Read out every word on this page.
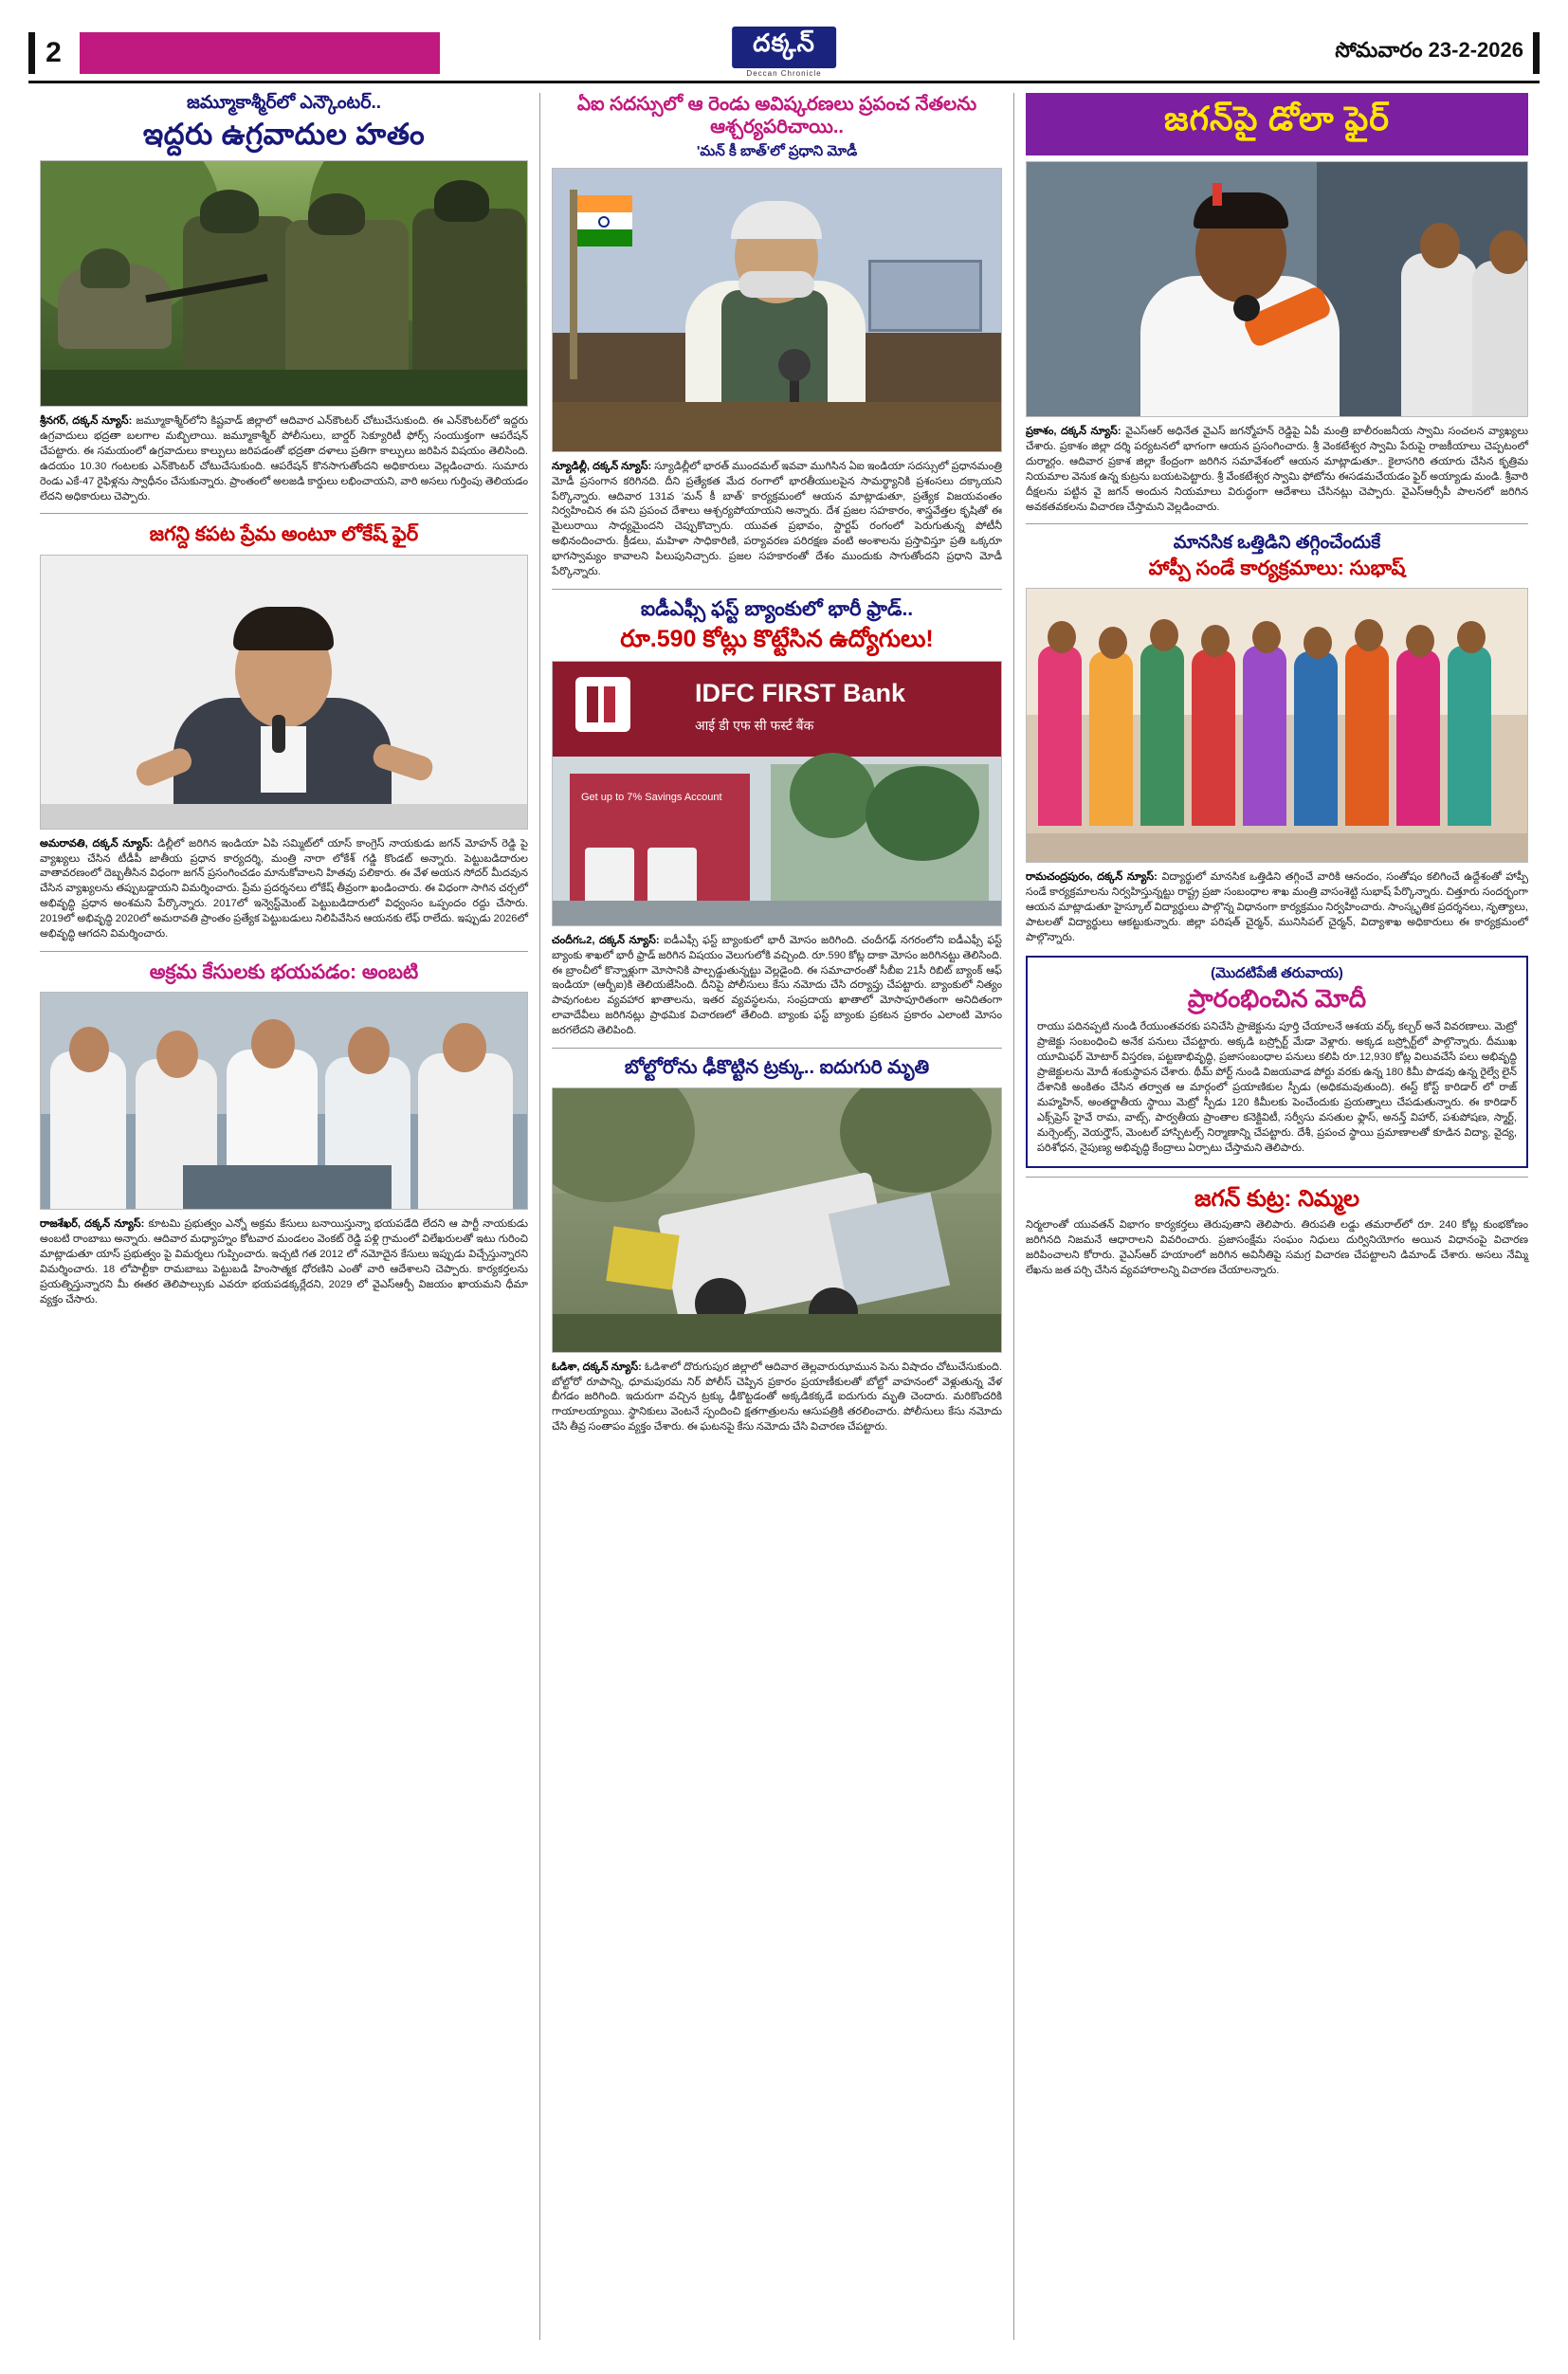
2	దక్కన్
Deccan Chronicle
సోమవారం 23-2-2026
జమ్మూకాశ్మీర్‌లో ఎన్కౌంటర్..
ఇద్దరు ఉగ్రవాదుల హతం
శ్రీనగర్, దక్కన్ న్యూస్: జమ్మూకాశ్మీర్‌లోని కిష్టవాడ్ జిల్లాలో ఆదివార ఎన్‌కౌంటర్ చోటుచేసుకుంది. ఈ ఎన్‌కౌంటర్‌లో ఇద్దరు ఉగ్రవాదులు భద్రతా బలగాల మబ్బిలాయి. జమ్మూకాశ్మీర్ పోలీసులు, బార్డర్ సెక్యూరిటీ ఫోర్స్ సంయుక్తంగా ఆపరేషన్ చేపట్టారు. ఈ సమయంలో ఉగ్రవాదులు కాల్పులు జరిపడంతో భద్రతా దళాలు ప్రతిగా కాల్పులు జరిపిన విషయం తెలిసింది. ఉదయం 10.30 గంటలకు ఎన్‌కౌంటర్ చోటుచేసుకుంది. ఆపరేషన్ కొనసాగుతోందని అధికారులు వెల్లడించారు. సుమారు రెండు ఎకే-47 రైఫిళ్లను స్వాధీనం చేసుకున్నారు. ప్రాంతంలో అలజడి కార్డులు లభించాయని, వారి అసలు గుర్తింపు తెలియడం లేదని అధికారులు చెప్పారు.
జగన్ది కపట ప్రేమ అంటూ లోకేష్ ఫైర్
అమరావతి, దక్కన్ న్యూస్: డిల్లీలో జరిగిన ఇండియా ఏపి సమ్మిట్‌లో యాస్ కాంగ్రెస్ నాయకుడు జగన్ మోహన్ రెడ్డి పై వ్యాఖ్యలు చేసిన టీడీపీ జాతీయ ప్రధాన కార్యదర్శి, మంత్రి నారా లోకేశ్ గడ్డి కొండట్ అన్నారు. పెట్టుబడిదారుల వాతావరణంలో దెబ్బతీసిన విధంగా జగన్ ప్రసంగించడం మానుకోవాలని హితవు పలికారు. ఈ వేళ అయన సోదర్ మీదవున చేసిన వ్యాఖ్యలను తప్పుబడ్డాయని విమర్శించారు. ప్రేమ ప్రదర్శనలు లోకేష్ తీవ్రంగా ఖండించారు. ఈ విధంగా సాగిన చర్చలో అభివృద్ధి ప్రధాన అంశమని పేర్కొన్నారు. 2017లో ఇన్వెస్ట్‌మెంట్ పెట్టుబడిదారులో విధ్వంసం ఒప్పందం రద్దు చేసారు. 2019లో అభివృద్ధి 2020లో అమరావతి ప్రాంతం ప్రత్యేక పెట్టుబడులు నిలిపివేసిన ఆయనకు లేఫ్ రాలేదు. ఇప్పుడు 2026లో అభివృద్ధి ఆగదని విమర్శించారు.
అక్రమ కేసులకు భయపడం: అంబటి
రాజశేఖర్, దక్కన్ న్యూస్: కూటమి ప్రభుత్వం ఎన్నో అక్రమ కేసులు బనాయిస్తున్నా భయపడేది లేదని ఆ పార్టీ నాయకుడు అంబటి రాంబాబు అన్నారు. ఆదివార మధ్యాహ్నం కోటవార మండలం వెంకట్ రెడ్డి పళ్లి గ్రామంలో విలేఖరులతో ఇటు గురించి మాట్లాడుతూ యాస్ ప్రభుత్వం పై విమర్శలు గుప్పించారు. ఇచ్చటి గత 2012 లో నమోదైన కేసులు ఇప్పుడు విచ్చేస్తున్నారని విమర్శించారు. 18 లోపాల్టీకా రామబాబు పెట్టుబడి హింసాత్మక ధోరణిని ఎంతో వారి ఆదేశాలని చెప్పారు. కార్యకర్తలను ప్రయత్నిస్తున్నారని మీ ఈతర తెలిపాల్సుకు ఎవరూ భయపడక్కర్లేదని, 2029 లో వైఎస్ఆర్పీ విజయం ఖాయమని ధీమా వ్యక్తం చేసారు.
ఏఐ సదస్సులో ఆ రెండు అవిష్కరణలు ప్రపంచ నేతలను ఆశ్చర్యపరిచాయి..
'మన్ కీ బాత్'లో ప్రధాని మోడీ
న్యూడిల్లీ, దక్కన్ న్యూస్: స్యూడిల్లీలో భారత్ ముందమల్ ఇవవా ముగిసిన ఏఐ ఇండియా సదస్సులో ప్రధానమంత్రి మోడీ ప్రసంగాన కరిగినది. దీని ప్రత్యేకత మేద రంగాలో భారతీయులపైన సామర్థ్యానికి ప్రశంసలు దక్కాయని పేర్కొన్నారు. ఆదివార 131వ 'మన్ కీ బాత్' కార్యక్రమంలో ఆయన మాట్లాడుతూ, ప్రత్యేక విజయవంతం నిర్వహించిన ఈ పని ప్రపంచ దేశాలు ఆశ్చర్యపోయాయని అన్నారు. దేశ ప్రజల సహకారం, శాస్త్రవేత్తల కృషితో ఈ మైలురాయి సాధ్యమైందని చెప్పుకొచ్చారు. యువత ప్రభావం, స్టార్టప్ రంగంలో పెరుగుతున్న పోటీనీ అభినందించారు. క్రీడలు, మహిళా సాధికారిణి, పర్యావరణ పరిరక్షణ వంటి అంశాలను ప్రస్తావిస్తూ ప్రతి ఒక్కరూ భాగస్వామ్యం కావాలని పిలుపునిచ్చారు. ప్రజల సహకారంతో దేశం ముందుకు సాగుతోందని ప్రధాని మోడీ పేర్కొన్నారు.
ఐడీఎఫ్సీ ఫస్ట్ బ్యాంకులో భారీ ఫ్రాడ్..
రూ.590 కోట్లు కొట్టేసిన ఉద్యోగులు!
IDFC FIRST Bank
आई डी एफ सी फर्स्ट बैंक
Get up to 7% Savings Account
చందీగಒ2, దక్కన్ న్యూస్: ఐడీఎఫ్సీ ఫస్ట్ బ్యాంకులో భారీ మోసం జరిగింది. చందీగఢ్ నగరంలోని ఐడీఎఫ్సీ ఫస్ట్ బ్యాంకు శాఖలో భారీ ఫ్రాడ్ జరిగిన విషయం వెలుగులోకి వచ్చింది. రూ.590 కోట్ల దాకా మోసం జరిగినట్టు తెలిసింది. ఈ బ్రాంచీలో కొన్నాళ్లుగా మోసానికి పాల్పడ్డుతున్నట్టు వెల్లడైంది. ఈ సమాచారంతో సీబీఐ 21సీ రిబిట్ బ్యాంక్ ఆఫ్ ఇండియా (ఆర్బీఐ)కి తెలియజేసింది. దీనిపై పోలీసులు కేసు నమోదు చేసి దర్యాప్తు చేపట్టారు. బ్యాంకులో నిత్యం పావుగంటల వ్యవహార ఖాతాలను, ఇతర వ్యవస్థలను, సంప్రదాయ ఖాతాలో మోసాపూరితంగా అనిదితంగా లావాదేవీలు జరిగినట్లు ప్రాథమిక విచారణలో తేలింది. బ్యాంకు ఫస్ట్ బ్యాంకు ప్రకటన ప్రకారం ఎలాంటి మోసం జరగలేదని తెలిపింది.
బోల్టోరోను ఢీకొట్టిన ట్రక్కు.. ఐదుగురి మృతి
ఓడిశా, దక్కన్ న్యూస్: ఓడిశాలో దొరుగుపుర జిల్లాలో ఆదివార తెల్లవారుఝామున పెను విషాదం చోటుచేసుకుంది. బోల్టోరో రూపాన్ని, ధూమపురమ నిర్ పోలీస్ చెప్పిన ప్రకారం ప్రయాణీకులతో బోల్టో వాహనంలో వెళ్లుతున్న వేళ బీగడం జరిగింది. ఇదురుగా వచ్చిన ట్రక్కు ఢీకొట్టడంతో అక్కడికక్కడే ఐదుగురు మృతి చెందారు. మరికొందరికి గాయాలయ్యాయి. స్థానికులు వెంటనే స్పందించి క్షతగాత్రులను ఆసుపత్రికి తరలించారు. పోలీసులు కేసు నమోదు చేసి తీవ్ర సంతాపం వ్యక్తం చేశారు. ఈ ఘటనపై కేసు నమోదు చేసి విచారణ చేపట్టారు.
జగన్‌పై డోలా ఫైర్
ప్రకాశం, దక్కన్ న్యూస్: వైఎస్ఆర్ అధినేత వైఎస్ జగన్మోహన్ రెడ్డిపై ఏపీ మంత్రి బాలీరంజనీయ స్వామి సంచలన వ్యాఖ్యలు చేశారు. ప్రకాశం జిల్లా దర్శి పర్యటనలో భాగంగా ఆయన ప్రసంగించారు. శ్రీ వెంకటేశ్వర స్వామి పేరుపై రాజకీయాలు చెప్పటంలో దుర్మార్గం. ఆదివార ప్రకాశ జిల్లా కేంద్రంగా జరిగిన సమావేశంలో ఆయన మాట్లాడుతూ.. కైలాసగిరి తయారు చేసిన కృత్రిమ నియమాల వెనుక ఉన్న కుట్రను బయటపెట్టారు. శ్రీ వేంకటేశ్వర స్వామి ఫోటోను ఈసడమచేయడం ఫైర్ అయ్యాడు మండి. శ్రీవారి దీక్షలను పట్టిన వై జగన్ అందున నియమాలు విరుద్ధంగా ఆదేశాలు చేసినట్లు చెప్పారు. వైఎస్ఆర్సీపీ పాలనలో జరిగిన అవకతవకలను విచారణ చేస్తామని వెల్లడించారు.
మానసిక ఒత్తిడిని తగ్గించేందుకే
హాప్పీ సండే కార్యక్రమాలు: సుభాష్
రామచంద్రపురం, దక్కన్ న్యూస్: విద్యార్థులో మానసిక ఒత్తిడిని తగ్గించే వారికి ఆనందం, సంతోషం కలిగించే ఉద్దేశంతో హాప్పీ సండే కార్యక్రమాలను నిర్వహిస్తున్నట్టు రాష్ట్ర ప్రజా సంబంధాల శాఖ మంత్రి వాసంశెట్టి సుభాష్ పేర్కొన్నారు. చిత్తూరు సందర్భంగా ఆయన మాట్లాడుతూ హైస్కూల్ విద్యార్థులు పాల్గొన్న విధానంగా కార్యక్రమం నిర్వహించారు. సాంస్కృతిక ప్రదర్శనలు, నృత్యాలు, పాటలతో విద్యార్థులు ఆకట్టుకున్నారు. జిల్లా పరిషత్ చైర్మన్, మునిసిపల్ చైర్మన్, విద్యాశాఖ అధికారులు ఈ కార్యక్రమంలో పాల్గొన్నారు.
(మొదటిపేజీ తరువాయ)
ప్రారంభించిన మోదీ
రాయు పదినప్పటి నుండి రేయుంతవరకు పనిచేసి ప్రాజెక్టును పూర్తి చేయాలనే ఆశయ వర్క్ కల్చర్ అనే వివరణాలు. మెట్రో ప్రాజెక్టు సంబంధించి అనేక పనులు చేపట్టారు. అక్కడి బస్ర్పోర్ట్ మేడా వెళ్లారు. అక్కడ బస్ర్పోర్ట్‌లో పాల్గొన్నారు. దీముఖ యూమిఫర్ మోటార్ విస్తరణ, పట్టణాభివృద్ధి, ప్రజాసంబంధాల పనులు కలిపి రూ.12,930 కోట్ల విలువచేసే పలు అభివృద్ధి ప్రాజెక్టులను మోదీ శంకుస్థాపన చేశారు. థీమ్ పోర్ట్ నుండి విజయవాడ పోర్టు వరకు ఉన్న 180 కిమీ పొడవు ఉన్న రైల్వే లైన్ దేశానికి అంకితం చేసిన తర్వాత ఆ మార్గంలో ప్రయాణికుల స్పీడు (అధికమవుతుంది). ఈస్ట్ కోస్ట్ కారిడార్ లో రాజ్ మహ్మహిన్, అంతర్జాతీయ స్థాయి మెట్రో స్పీడు 120 కిమీలకు పెంచేందుకు ప్రయత్నాలు చేపడుతున్నారు. ఈ కారిడార్ ఎక్స్‌ప్రెస్ హైవే రామ, వాట్స్, పార్వతీయ ప్రాంతాల కనెక్టివిటీ, సర్వీసు వసతుల ఫ్లాస్, అనన్త్ విహార్, పశుపోషణ, స్మార్ట్, మర్చెంట్స్, వెయర్హౌస్, మెంటల్ హాస్పిటల్స్ నిర్మాణాన్ని చేపట్టారు. దేశీ, ప్రపంచ స్థాయి ప్రమాణాలతో కూడిన విద్యా, వైద్య, పరిశోధన, నైపుణ్య అభివృద్ధి కేంద్రాలు ఏర్పాటు చేస్తామని తెలిపారు.
జగన్ కుట్ర: నిమ్మల
నిర్మలాంతో యువతన్ విభాగం కార్యకర్తలు తెరుపుతాని తెలిపారు. తిరుపతి లడ్డు తమరాల్‌లో రూ. 240 కోట్ల కుంభకోణం జరిగినది నిజమనే ఆధారాలని వివరించారు. ప్రజాసంక్షేమ సంఘం నిధులు దుర్వినియోగం అయిన విధానంపై విచారణ జరిపించాలని కోరారు. వైఎస్ఆర్ హయాంలో జరిగిన అవినీతిపై సమగ్ర విచారణ చేపట్టాలని డిమాండ్ చేశారు. అసలు నేమ్మి లేఖను జత పర్చి చేసిన వ్యవహారాలన్ని విచారణ చేయాలన్నారు.
